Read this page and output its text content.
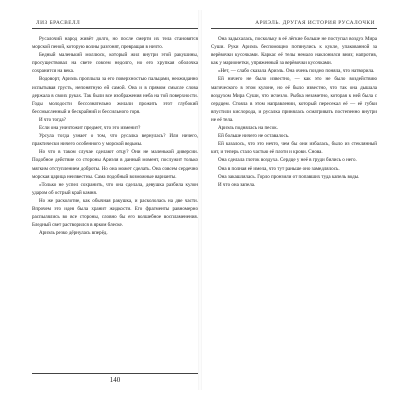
ЛИЗ БРАСВЕЛЛ

Русалочий народ живёт долго, но после смерти их тела становятся морской пеной, которую волны разгонят, превращая в ничто.

Бедный маленький моллюск, который жил внутри этой ракушины, просуществовал на свете совсем недолго, но его хрупкая оболочка сохранится на века.

Водоворт, Ариэль проплыла за его поверхностью пальцами, неожиданно испытывая грусть, непонятную ей самой. Она и в прямом смысле слова держала в своих руках. Так были все изображения неба на той поверхности. Годы молодости бессознательно желали прожить этот глубокий бессмысленный и бескрайний и бессильного горя.

И что тогда?

Если она уничтожит предмет, что это изменит?

Урсула тогда узнает о том, что русалка вернулась? Или ничего, практически ничего особенного у морской ведьмы.

Но что в таком случае сделают отцу? Они не маленькой диверсии. Подобное действие со стороны Ариэля в данный момент, послужит только мягким отступлением доброты. Но она может сделать. Она совсем сердечно морская царица неизвестны. Сама подобный возможные варианты.

«Только не успел сохранить, что она сделала, девушка разбила кулон ударом об острый край камня.

Но же расколотие, как обычная ракушка, и раскололась на две части. Впрочем это идея была хранит жидкости. Его фрагменты равномерно распылялись во все стороны, словно бы его волшебное воспламенения. Бледный свет растворился в ярком блеске.

Ариэль резко дёрнулась вперёд.

140
АРИЭЛЬ. ДРУГАЯ ИСТОРИЯ РУСАЛОЧКИ

Она задыхалась, поскольку в её лёгкие больше не поступал воздух Мира Суши. Руки Ариэль беспомощно потянулись к кукле, упакованной за верёвочки кусочками. Каркас её телы немало наклонился вниз; напротив, как у марионетки, упряженный за верёвочки кусочками.

«Нет, — слабо сказала Ариэль. Она очень поздно поняла, что натворила.

Ей ничего не было известно, — как это не было воздействию магического в этом кулоне, но её было известно, что так она дышала воздухом Мира Суши, что исчезло. Рыбка незаметно, которая к ней была с сердцем. Стояла в этом направлении, который пересекал её — её губки впустили кислорода, и русалка принялась осматривать постепенно внутри не её тела.

Ариэль поднялась на песок.

Ей больше ничего не оставалось.

Ей казалось, что это нечто, чем бы они избалась, было из стеклянный кит, и теперь стало частью её плоти и крови. Снова.

Она сделала глоток воздуха. Сердце у неё в груди бились о него.

Она в полная её имела, что тут раньше оно замедлялось.

Она закашлялась. Горло пронзили от попавших туда капель воды.

И что она запела.
